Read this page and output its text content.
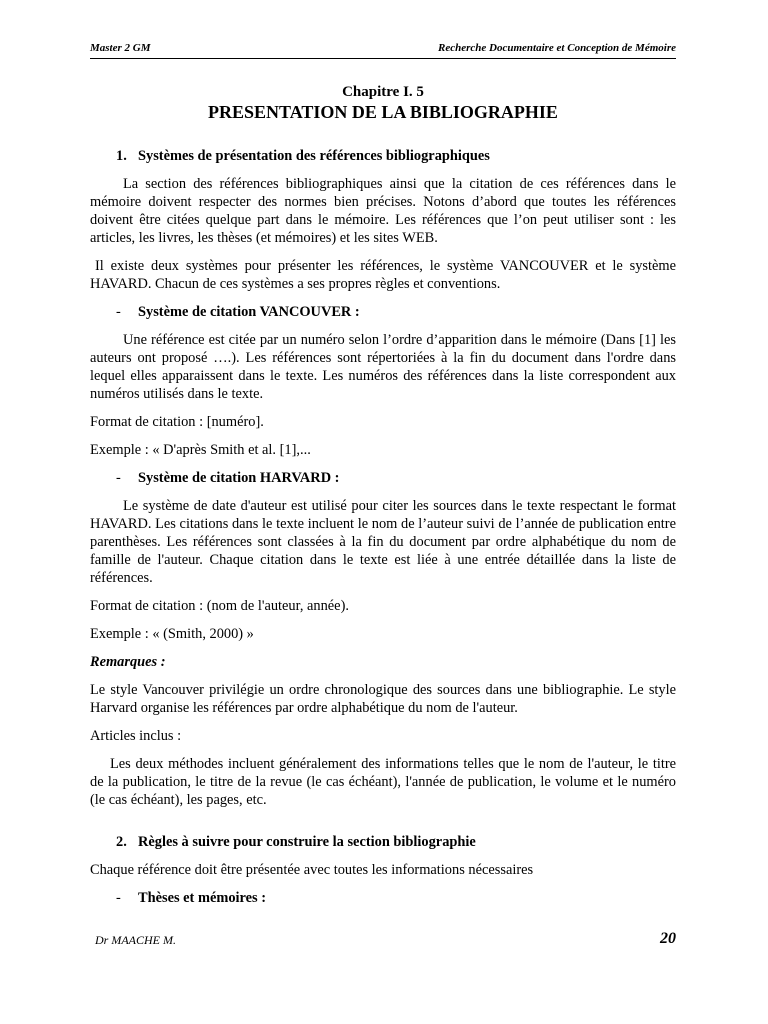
Master 2 GM	Recherche Documentaire et Conception de Mémoire

Chapitre I. 5

PRESENTATION DE LA BIBLIOGRAPHIE

1. Systèmes de présentation des références bibliographiques

La section des références bibliographiques ainsi que la citation de ces références dans le mémoire doivent respecter des normes bien précises. Notons d’abord que toutes les références doivent être citées quelque part dans le mémoire. Les références que l’on peut utiliser sont : les articles, les livres, les thèses (et mémoires) et les sites WEB.

Il existe deux systèmes pour présenter les références, le système VANCOUVER et le système HAVARD. Chacun de ces systèmes a ses propres règles et conventions.

- Système de citation VANCOUVER :

Une référence est citée par un numéro selon l’ordre d’apparition dans le mémoire (Dans [1] les auteurs ont proposé ….). Les références sont répertoriées à la fin du document dans l'ordre dans lequel elles apparaissent dans le texte. Les numéros des références dans la liste correspondent aux numéros utilisés dans le texte.

Format de citation : [numéro].

Exemple : « D'après Smith et al. [1],...

- Système de citation HARVARD :

Le système de date d'auteur est utilisé pour citer les sources dans le texte respectant le format HAVARD. Les citations dans le texte incluent le nom de l’auteur suivi de l’année de publication entre parenthèses. Les références sont classées à la fin du document par ordre alphabétique du nom de famille de l'auteur. Chaque citation dans le texte est liée à une entrée détaillée dans la liste de références.

Format de citation : (nom de l'auteur, année).

Exemple : « (Smith, 2000) »

Remarques :

Le style Vancouver privilégie un ordre chronologique des sources dans une bibliographie. Le style Harvard organise les références par ordre alphabétique du nom de l'auteur.

Articles inclus :

Les deux méthodes incluent généralement des informations telles que le nom de l'auteur, le titre de la publication, le titre de la revue (le cas échéant), l'année de publication, le volume et le numéro (le cas échéant), les pages, etc.

2. Règles à suivre pour construire la section bibliographie

Chaque référence doit être présentée avec toutes les informations nécessaires

- Thèses et mémoires :
Dr MAACHE M.	20
